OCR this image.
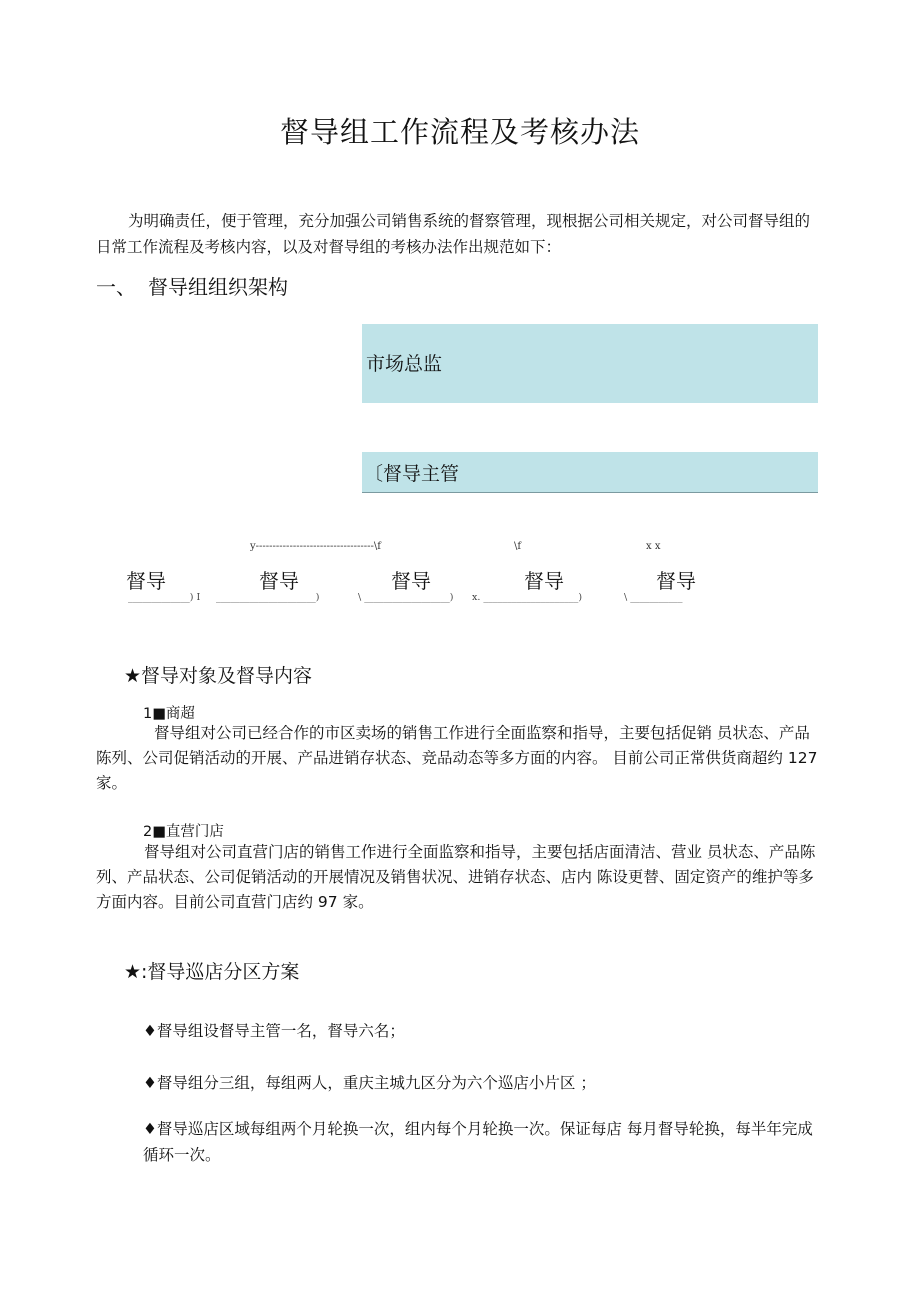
督导组工作流程及考核办法
为明确责任，便于管理，充分加强公司销售系统的督察管理，现根据公司相关规定，对公司督导组的日常工作流程及考核内容，以及对督导组的考核办法作出规范如下：
一、 督导组组织架构
市场总监
〔督导主管
y-----------------------------------\f	\f	x x
督导	督导	督导	督导	督导
_____________) I _____________________)	\ __________________) x. ____________________)	\ ___________
★督导对象及督导内容
1■商超
督导组对公司已经合作的市区卖场的销售工作进行全面监察和指导，主要包括促销 员状态、产品陈列、公司促销活动的开展、产品进销存状态、竞品动态等多方面的内容。 目前公司正常供货商超约 127 家。
2■直营门店
督导组对公司直营门店的销售工作进行全面监察和指导，主要包括店面清洁、营业 员状态、产品陈列、产品状态、公司促销活动的开展情况及销售状况、进销存状态、店内 陈设更替、固定资产的维护等多方面内容。目前公司直营门店约 97 家。
★:督导巡店分区方案
♦督导组设督导主管一名，督导六名；
♦督导组分三组，每组两人，重庆主城九区分为六个巡店小片区 ；
♦督导巡店区域每组两个月轮换一次，组内每个月轮换一次。保证每店 每月督导轮换，每半年完成循环一次。
